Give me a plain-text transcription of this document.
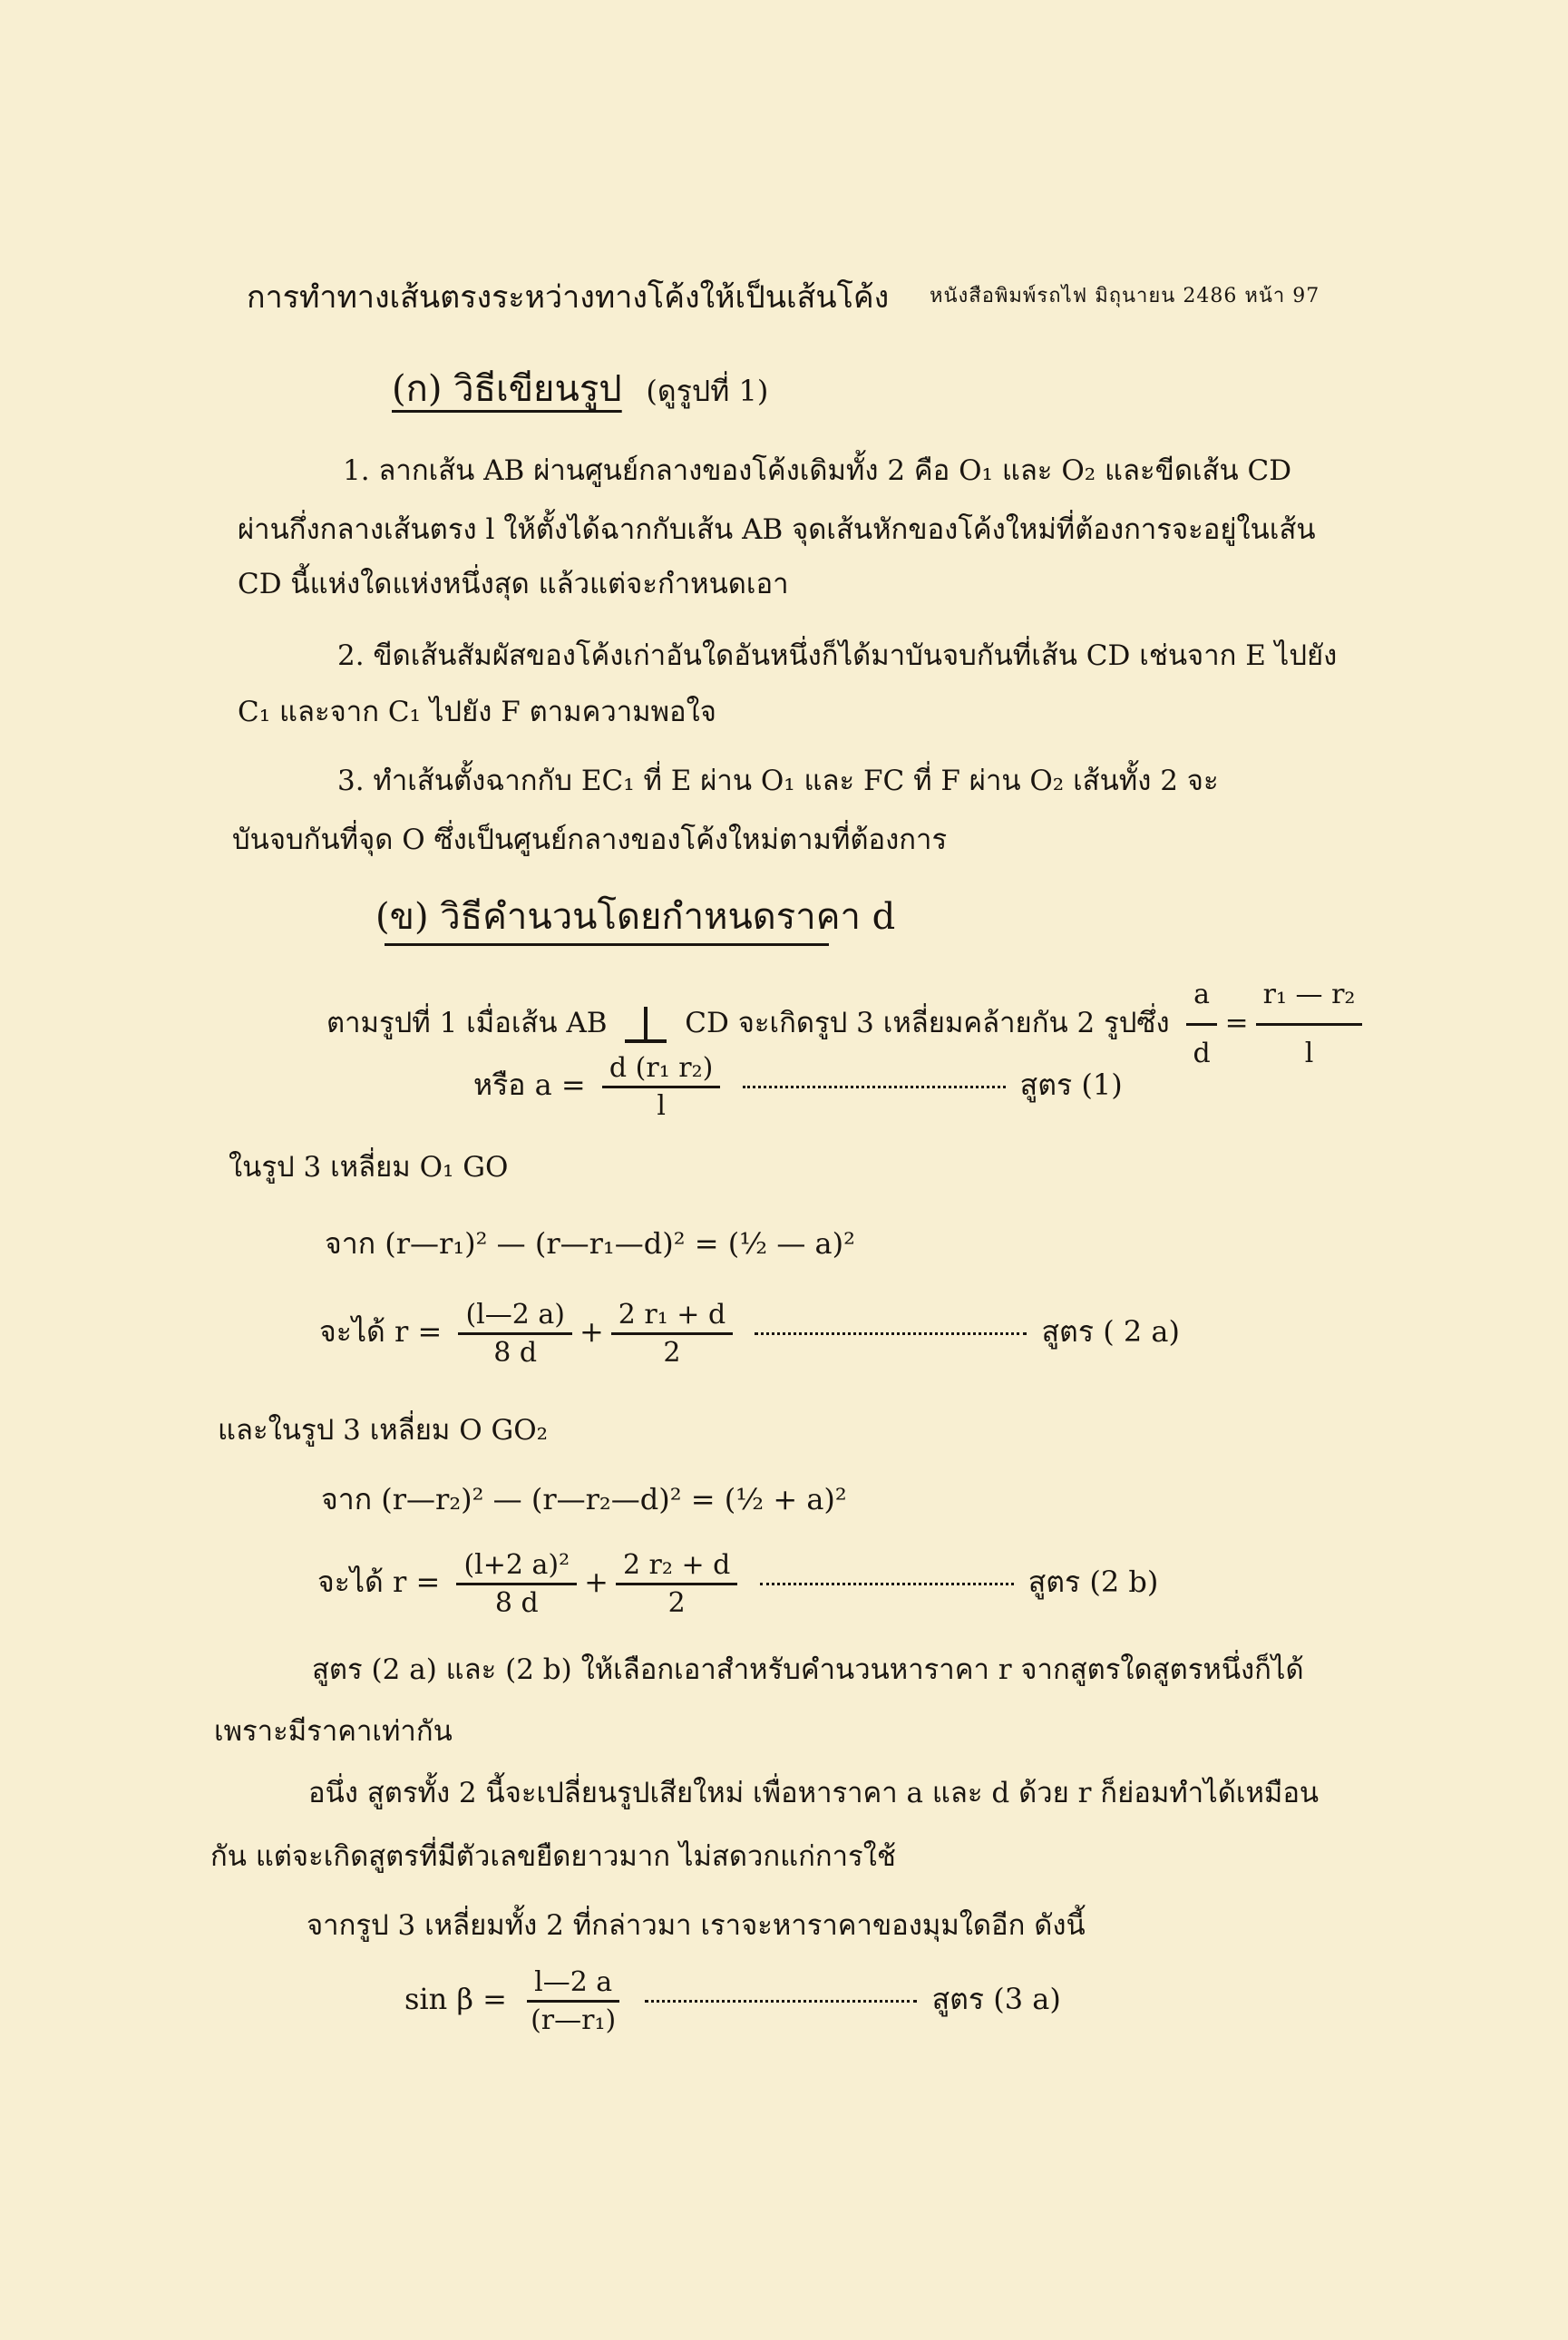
การทำทางเส้นตรงระหว่างทางโค้งให้เป็นเส้นโค้ง หนังสือพิมพ์รถไฟ มิถุนายน 2486 หน้า 97
(ก) วิธีเขียนรูป (ดูรูปที่ 1)
1. ลากเส้น AB ผ่านศูนย์กลางของโค้งเดิมทั้ง 2 คือ O₁ และ O₂ และขีดเส้น CD
ผ่านกึ่งกลางเส้นตรง l ให้ตั้งได้ฉากกับเส้น AB จุดเส้นหักของโค้งใหม่ที่ต้องการจะอยู่ในเส้น
CD นี้แห่งใดแห่งหนึ่งสุด แล้วแต่จะกำหนดเอา
2. ขีดเส้นสัมผัสของโค้งเก่าอันใดอันหนึ่งก็ได้มาบันจบกันที่เส้น CD เช่นจาก E ไปยัง
C₁ และจาก C₁ ไปยัง F ตามความพอใจ
3. ทำเส้นตั้งฉากกับ EC₁ ที่ E ผ่าน O₁ และ FC ที่ F ผ่าน O₂ เส้นทั้ง 2 จะ
บันจบกันที่จุด O ซึ่งเป็นศูนย์กลางของโค้งใหม่ตามที่ต้องการ
(ข) วิธีคำนวนโดยกำหนดราคา d
ตามรูปที่ 1 เมื่อเส้น AB	CD จะเกิดรูป 3 เหลี่ยมคล้ายกัน 2 รูปซึ่ง $\frac{a}{d} = \frac{\text{r₁ — r₂}}{l}$
หรือ $a = \frac{\text{d (r₁ r₂)}}{l}$	สูตร (1)
ในรูป 3 เหลี่ยม O₁ GO
จาก (r—r₁)² — (r—r₁—d)² = (½ — a)²
จะได้ $r = \frac{(l—2 a)}{8 d} + \frac{\text{2 r₁ + d}}{2}$	สูตร ( 2 a)
และในรูป 3 เหลี่ยม O GO₂
จาก (r—r₂)² — (r—r₂—d)² = (½ + a)²
จะได้ $r = \frac{\text{(l+2 a)²}}{8 d} + \frac{\text{2 r₂ + d}}{2}$	สูตร (2 b)
สูตร (2 a) และ (2 b) ให้เลือกเอาสำหรับคำนวนหาราคา r จากสูตรใดสูตรหนึ่งก็ได้
เพราะมีราคาเท่ากัน
อนึ่ง สูตรทั้ง 2 นี้จะเปลี่ยนรูปเสียใหม่ เพื่อหาราคา a และ d ด้วย r ก็ย่อมทำได้เหมือน
กัน แต่จะเกิดสูตรที่มีตัวเลขยืดยาวมาก ไม่สดวกแก่การใช้
จากรูป 3 เหลี่ยมทั้ง 2 ที่กล่าวมา เราจะหาราคาของมุมใดอีก ดังนี้
$\sin \beta = \frac{l—2 a}{\text{(r—r₁)}}$	สูตร (3 a)
